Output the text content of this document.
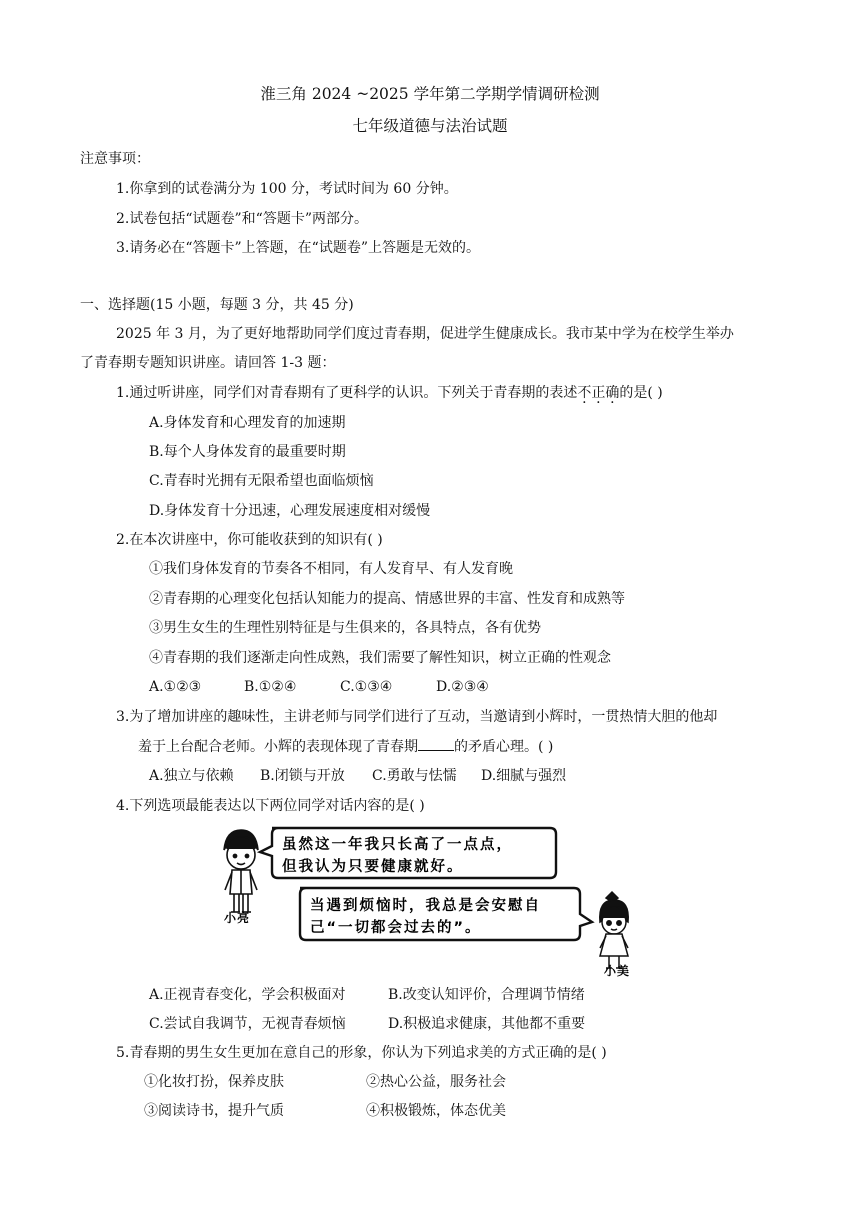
淮三角 2024 ~2025 学年第二学期学情调研检测
七年级道德与法治试题
注意事项：
1.你拿到的试卷满分为 100 分，考试时间为 60 分钟。
2.试卷包括“试题卷”和“答题卡”两部分。
3.请务必在“答题卡”上答题，在“试题卷”上答题是无效的。
一、选择题(15 小题，每题 3 分，共 45 分)
2025 年 3 月，为了更好地帮助同学们度过青春期，促进学生健康成长。我市某中学为在校学生举办
了青春期专题知识讲座。请回答 1-3 题：
1.通过听讲座，同学们对青春期有了更科学的认识。下列关于青春期的表述不正确的是( )
A.身体发育和心理发育的加速期
B.每个人身体发育的最重要时期
C.青春时光拥有无限希望也面临烦恼
D.身体发育十分迅速，心理发展速度相对缓慢
2.在本次讲座中，你可能收获到的知识有( )
①我们身体发育的节奏各不相同，有人发育早、有人发育晚
②青春期的心理变化包括认知能力的提高、情感世界的丰富、性发育和成熟等
③男生女生的生理性别特征是与生俱来的，各具特点，各有优势
④青春期的我们逐渐走向性成熟，我们需要了解性知识，树立正确的性观念
A.①②③	B.①②④	C.①③④	D.②③④
3.为了增加讲座的趣味性，主讲老师与同学们进行了互动，当邀请到小辉时，一贯热情大胆的他却
羞于上台配合老师。小辉的表现体现了青春期	的矛盾心理。( )
A.独立与依赖 B.闭锁与开放 C.勇敢与怯懦 D.细腻与强烈
4.下列选项最能表达以下两位同学对话内容的是( )
虽然这一年我只长高了一点点，
但我认为只要健康就好。
小亮
当遇到烦恼时，我总是会安慰自
己“一切都会过去的”。
小美
A.正视青春变化，学会积极面对	B.改变认知评价，合理调节情绪
C.尝试自我调节，无视青春烦恼	D.积极追求健康，其他都不重要
5.青春期的男生女生更加在意自己的形象，你认为下列追求美的方式正确的是( )
①化妆打扮，保养皮肤	②热心公益，服务社会
③阅读诗书，提升气质	④积极锻炼，体态优美
